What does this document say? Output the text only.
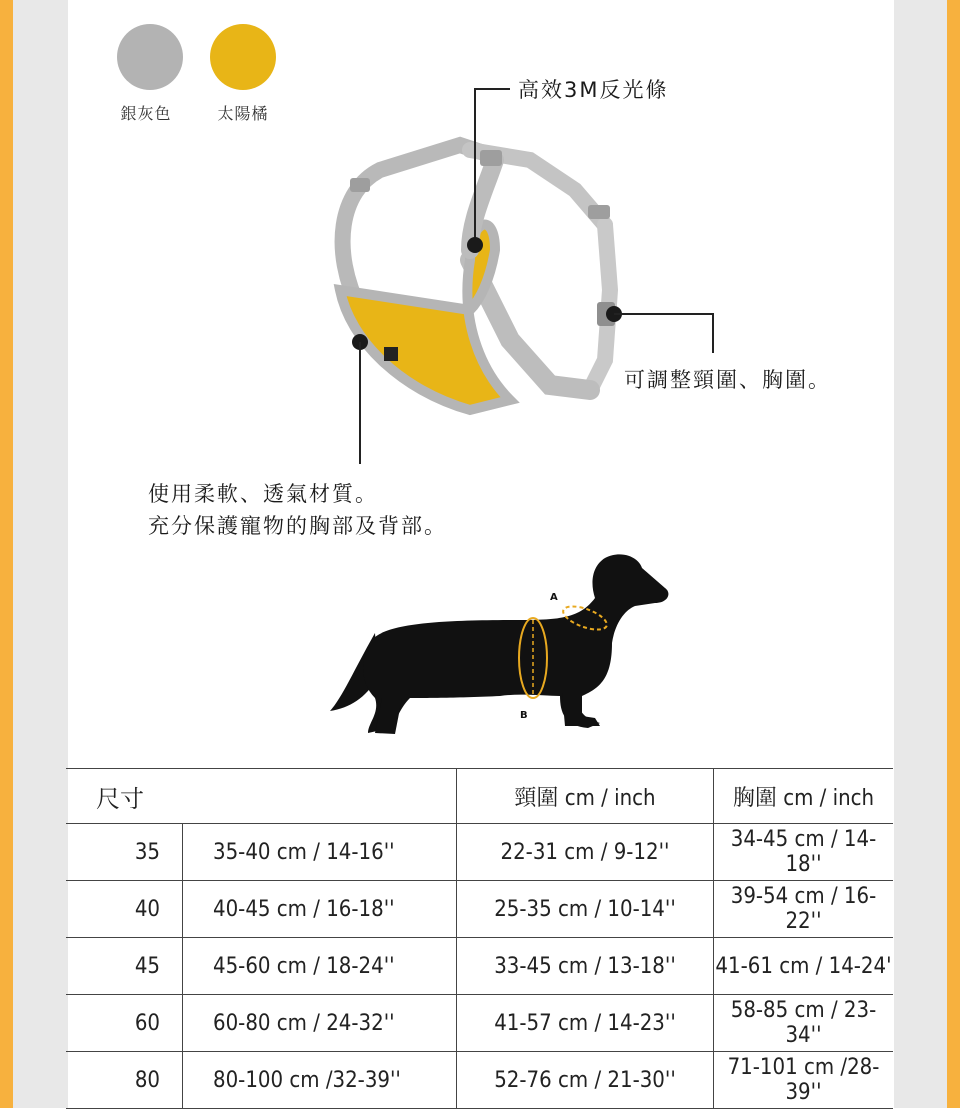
銀灰色	太陽橘
高效3M反光條
可調整頸圍、胸圍。
使用柔軟、透氣材質。
充分保護寵物的胸部及背部。
A
B
尺寸		頸圍 cm / inch	胸圍 cm / inch
35	35-40 cm / 14-16''	22-31 cm / 9-12''	34-45 cm / 14-18''
40	40-45 cm / 16-18''	25-35 cm / 10-14''	39-54 cm / 16-22''
45	45-60 cm / 18-24''	33-45 cm / 13-18''	41-61 cm / 14-24'
60	60-80 cm / 24-32''	41-57 cm / 14-23''	58-85 cm / 23-34''
80	80-100 cm /32-39''	52-76 cm / 21-30''	71-101 cm /28-39''
